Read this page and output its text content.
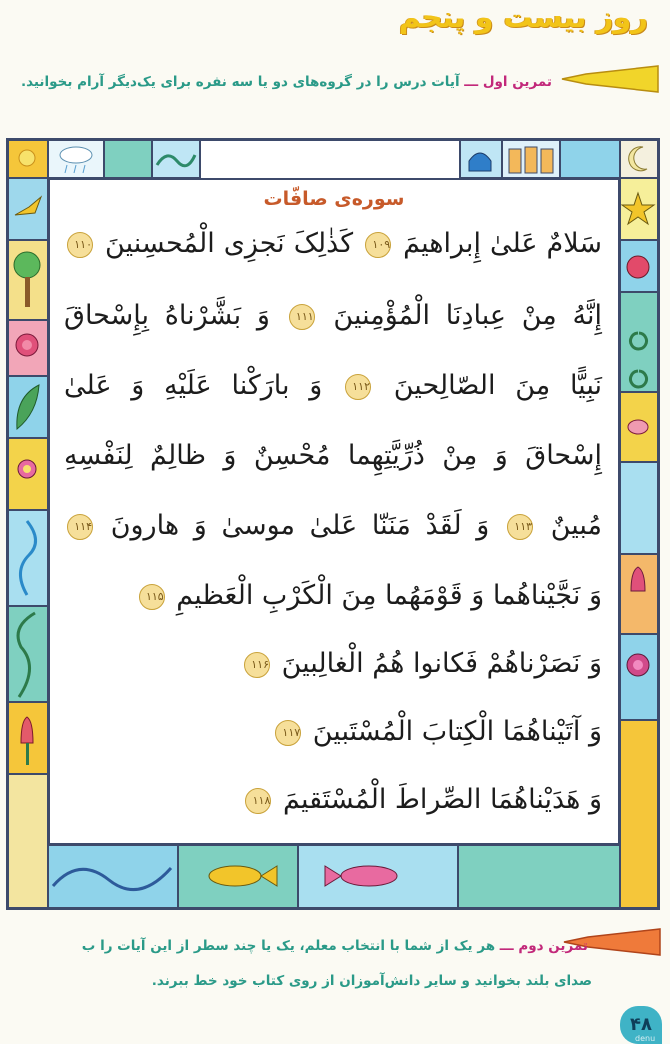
روز بیست و پنجم
تمرین اول ـــ آیات درس را در گروه‌های دو یا سه نفره برای یک‌دیگر آرام بخوانید.
سوره‌ی صافّات
سَلامٌ عَلیٰ إِبراهیمَ ۱۰۹ کَذٰلِکَ نَجزِی الْمُحسِنینَ ۱۱۰
إِنَّهُ مِنْ عِبادِنَا الْمُؤْمِنینَ ۱۱۱ وَ بَشَّرْناهُ بِإِسْحاقَ
نَبِیًّا مِنَ الصّالِحینَ ۱۱۲ وَ بارَکْنا عَلَیْهِ وَ عَلیٰ
إِسْحاقَ وَ مِنْ ذُرِّیَّتِهِما مُحْسِنٌ وَ ظالِمٌ لِنَفْسِهِ
مُبینٌ ۱۱۳ وَ لَقَدْ مَنَنّا عَلیٰ موسیٰ وَ هارونَ ۱۱۴
وَ نَجَّیْناهُما وَ قَوْمَهُما مِنَ الْکَرْبِ الْعَظیمِ ۱۱۵
وَ نَصَرْناهُمْ فَکانوا هُمُ الْغالِبینَ ۱۱۶
وَ آتَیْناهُمَا الْکِتابَ الْمُسْتَبینَ ۱۱۷
وَ هَدَیْناهُمَا الصِّراطَ الْمُسْتَقیمَ ۱۱۸
تمرین دوم ـــ هر یک از شما با انتخاب معلم، یک یا چند سطر از این آیات را ب
صدای بلند بخوانید و سایر دانش‌آموزان از روی کتاب خود خط ببرند.
۴۸
denu
